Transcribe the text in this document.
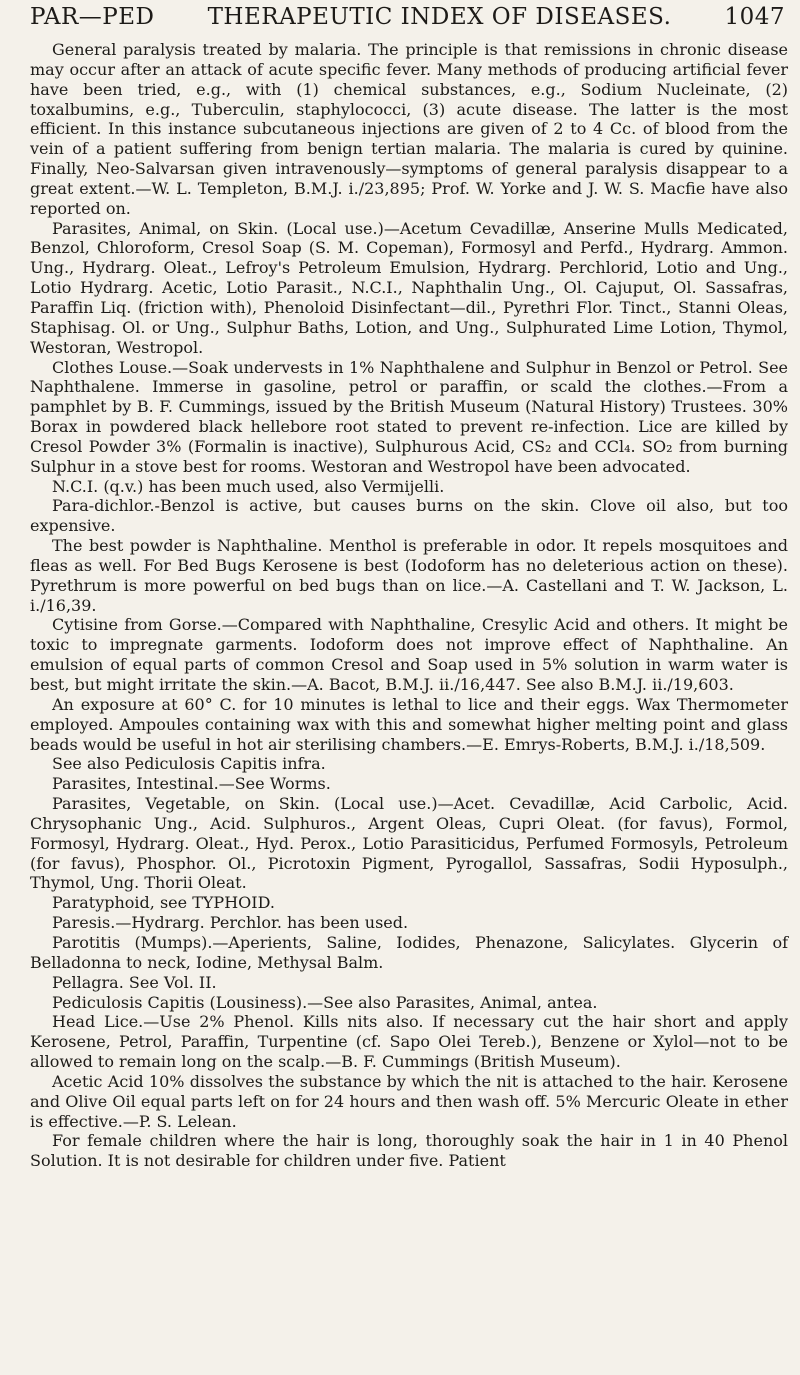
PAR—PED	THERAPEUTIC INDEX OF DISEASES.	1047

General paralysis treated by malaria. The principle is that remissions in chronic disease may occur after an attack of acute specific fever. Many methods of producing artificial fever have been tried, e.g., with (1) chemical substances, e.g., Sodium Nucleinate, (2) toxalbumins, e.g., Tuberculin, staphylococci, (3) acute disease. The latter is the most efficient. In this instance subcutaneous injections are given of 2 to 4 Cc. of blood from the vein of a patient suffering from benign tertian malaria. The malaria is cured by quinine. Finally, Neo-Salvarsan given intravenously—symptoms of general paralysis disappear to a great extent.—W. L. Templeton, B.M.J. i./23,895; Prof. W. Yorke and J. W. S. Macfie have also reported on.

Parasites, Animal, on Skin. (Local use.)—Acetum Cevadillæ, Anserine Mulls Medicated, Benzol, Chloroform, Cresol Soap (S. M. Copeman), Formosyl and Perfd., Hydrarg. Ammon. Ung., Hydrarg. Oleat., Lefroy's Petroleum Emulsion, Hydrarg. Perchlorid, Lotio and Ung., Lotio Hydrarg. Acetic, Lotio Parasit., N.C.I., Naphthalin Ung., Ol. Cajuput, Ol. Sassafras, Paraffin Liq. (friction with), Phenoloid Disinfectant—dil., Pyrethri Flor. Tinct., Stanni Oleas, Staphisag. Ol. or Ung., Sulphur Baths, Lotion, and Ung., Sulphurated Lime Lotion, Thymol, Westoran, Westropol.

Clothes Louse.—Soak undervests in 1% Naphthalene and Sulphur in Benzol or Petrol. See Naphthalene. Immerse in gasoline, petrol or paraffin, or scald the clothes.—From a pamphlet by B. F. Cummings, issued by the British Museum (Natural History) Trustees. 30% Borax in powdered black hellebore root stated to prevent re-infection. Lice are killed by Cresol Powder 3% (Formalin is inactive), Sulphurous Acid, CS₂ and CCl₄. SO₂ from burning Sulphur in a stove best for rooms. Westoran and Westropol have been advocated.

N.C.I. (q.v.) has been much used, also Vermijelli.

Para-dichlor.-Benzol is active, but causes burns on the skin. Clove oil also, but too expensive.

The best powder is Naphthaline. Menthol is preferable in odor. It repels mosquitoes and fleas as well. For Bed Bugs Kerosene is best (Iodoform has no deleterious action on these). Pyrethrum is more powerful on bed bugs than on lice.—A. Castellani and T. W. Jackson, L. i./16,39.

Cytisine from Gorse.—Compared with Naphthaline, Cresylic Acid and others. It might be toxic to impregnate garments. Iodoform does not improve effect of Naphthaline. An emulsion of equal parts of common Cresol and Soap used in 5% solution in warm water is best, but might irritate the skin.—A. Bacot, B.M.J. ii./16,447. See also B.M.J. ii./19,603.

An exposure at 60° C. for 10 minutes is lethal to lice and their eggs. Wax Thermometer employed. Ampoules containing wax with this and somewhat higher melting point and glass beads would be useful in hot air sterilising chambers.—E. Emrys-Roberts, B.M.J. i./18,509.

See also Pediculosis Capitis infra.

Parasites, Intestinal.—See Worms.

Parasites, Vegetable, on Skin. (Local use.)—Acet. Cevadillæ, Acid Carbolic, Acid. Chrysophanic Ung., Acid. Sulphuros., Argent Oleas, Cupri Oleat. (for favus), Formol, Formosyl, Hydrarg. Oleat., Hyd. Perox., Lotio Parasiticidus, Perfumed Formosyls, Petroleum (for favus), Phosphor. Ol., Picrotoxin Pigment, Pyrogallol, Sassafras, Sodii Hyposulph., Thymol, Ung. Thorii Oleat.

Paratyphoid, see TYPHOID.

Paresis.—Hydrarg. Perchlor. has been used.

Parotitis (Mumps).—Aperients, Saline, Iodides, Phenazone, Salicylates. Glycerin of Belladonna to neck, Iodine, Methysal Balm.

Pellagra. See Vol. II.

Pediculosis Capitis (Lousiness).—See also Parasites, Animal, antea.

Head Lice.—Use 2% Phenol. Kills nits also. If necessary cut the hair short and apply Kerosene, Petrol, Paraffin, Turpentine (cf. Sapo Olei Tereb.), Benzene or Xylol—not to be allowed to remain long on the scalp.—B. F. Cummings (British Museum).

Acetic Acid 10% dissolves the substance by which the nit is attached to the hair. Kerosene and Olive Oil equal parts left on for 24 hours and then wash off. 5% Mercuric Oleate in ether is effective.—P. S. Lelean.

For female children where the hair is long, thoroughly soak the hair in 1 in 40 Phenol Solution. It is not desirable for children under five. Patient
